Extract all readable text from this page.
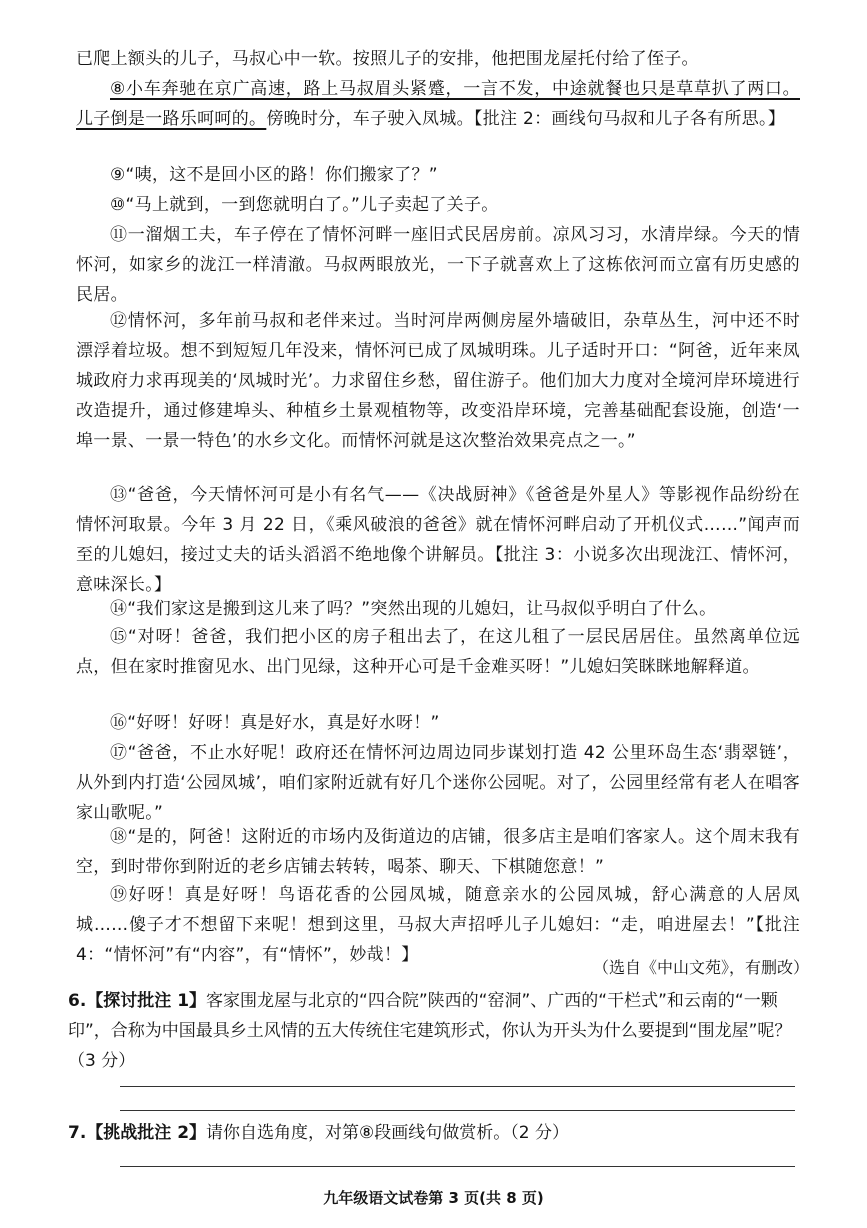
已爬上额头的儿子，马叔心中一软。按照儿子的安排，他把围龙屋托付给了侄子。

⑧小车奔驰在京广高速，路上马叔眉头紧蹙，一言不发，中途就餐也只是草草扒了两口。儿子倒是一路乐呵呵的。傍晚时分，车子驶入凤城。【批注 2：画线句马叔和儿子各有所思。】

⑨“咦，这不是回小区的路！你们搬家了？”

⑩“马上就到，一到您就明白了。”儿子卖起了关子。

⑪一溜烟工夫，车子停在了情怀河畔一座旧式民居房前。凉风习习，水清岸绿。今天的情怀河，如家乡的泷江一样清澈。马叔两眼放光，一下子就喜欢上了这栋依河而立富有历史感的民居。

⑫情怀河，多年前马叔和老伴来过。当时河岸两侧房屋外墙破旧，杂草丛生，河中还不时漂浮着垃圾。想不到短短几年没来，情怀河已成了凤城明珠。儿子适时开口：“阿爸，近年来凤城政府力求再现美的‘凤城时光’。力求留住乡愁，留住游子。他们加大力度对全境河岸环境进行改造提升，通过修建埠头、种植乡土景观植物等，改变沿岸环境，完善基础配套设施，创造‘一埠一景、一景一特色’的水乡文化。而情怀河就是这次整治效果亮点之一。”

⑬“爸爸，今天情怀河可是小有名气——《决战厨神》《爸爸是外星人》等影视作品纷纷在情怀河取景。今年 3 月 22 日，《乘风破浪的爸爸》就在情怀河畔启动了开机仪式……”闻声而至的儿媳妇，接过丈夫的话头滔滔不绝地像个讲解员。【批注 3：小说多次出现泷江、情怀河，意味深长。】

⑭“我们家这是搬到这儿来了吗？”突然出现的儿媳妇，让马叔似乎明白了什么。

⑮“对呀！爸爸，我们把小区的房子租出去了，在这儿租了一层民居居住。虽然离单位远点，但在家时推窗见水、出门见绿，这种开心可是千金难买呀！”儿媳妇笑眯眯地解释道。

⑯“好呀！好呀！真是好水，真是好水呀！”

⑰“爸爸，不止水好呢！政府还在情怀河边周边同步谋划打造 42 公里环岛生态‘翡翠链’，从外到内打造‘公园凤城’，咱们家附近就有好几个迷你公园呢。对了，公园里经常有老人在唱客家山歌呢。”

⑱“是的，阿爸！这附近的市场内及街道边的店铺，很多店主是咱们客家人。这个周末我有空，到时带你到附近的老乡店铺去转转，喝茶、聊天、下棋随您意！”

⑲好呀！真是好呀！鸟语花香的公园凤城，随意亲水的公园凤城，舒心满意的人居凤城……傻子才不想留下来呢！想到这里，马叔大声招呼儿子儿媳妇：“走，咱进屋去！”【批注 4：“情怀河”有“内容”，有“情怀”，妙哉！】

（选自《中山文苑》，有删改）

6.【探讨批注 1】客家围龙屋与北京的“四合院”陕西的“窑洞”、广西的“干栏式”和云南的“一颗印”，合称为中国最具乡土风情的五大传统住宅建筑形式，你认为开头为什么要提到“围龙屋”呢？（3 分）

7.【挑战批注 2】请你自选角度，对第⑧段画线句做赏析。（2 分）

九年级语文试卷第 3 页(共 8 页)
